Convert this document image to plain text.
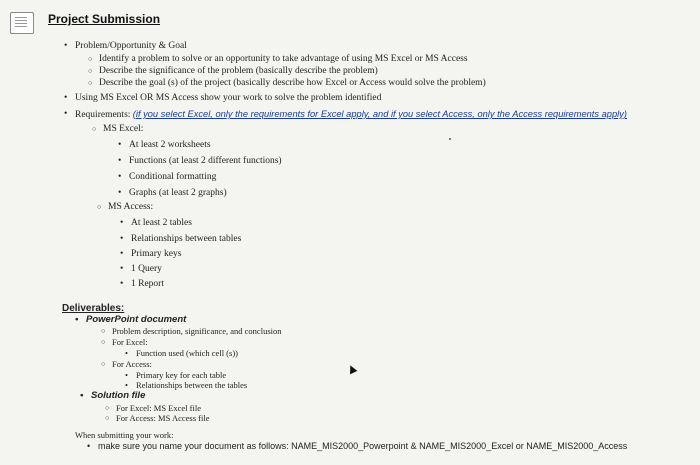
Project Submission
• Problem/Opportunity & Goal
○ Identify a problem to solve or an opportunity to take advantage of using MS Excel or MS Access
○ Describe the significance of the problem (basically describe the problem)
○ Describe the goal (s) of the project (basically describe how Excel or Access would solve the problem)
• Using MS Excel OR MS Access show your work to solve the problem identified
• Requirements: (if you select Excel, only the requirements for Excel apply, and if you select Access, only the Access requirements apply)
○ MS Excel:
• At least 2 worksheets
• Functions (at least 2 different functions)
• Conditional formatting
• Graphs (at least 2 graphs)
○ MS Access:
• At least 2 tables
• Relationships between tables
• Primary keys
• 1 Query
• 1 Report
Deliverables:
• PowerPoint document
○ Problem description, significance, and conclusion
○ For Excel:
• Function used (which cell (s))
○ For Access:
• Primary key for each table
• Relationships between the tables
• Solution file
○ For Excel: MS Excel file
○ For Access: MS Access file
When submitting your work:
• make sure you name your document as follows: NAME_MIS2000_Powerpoint & NAME_MIS2000_Excel or NAME_MIS2000_Access
